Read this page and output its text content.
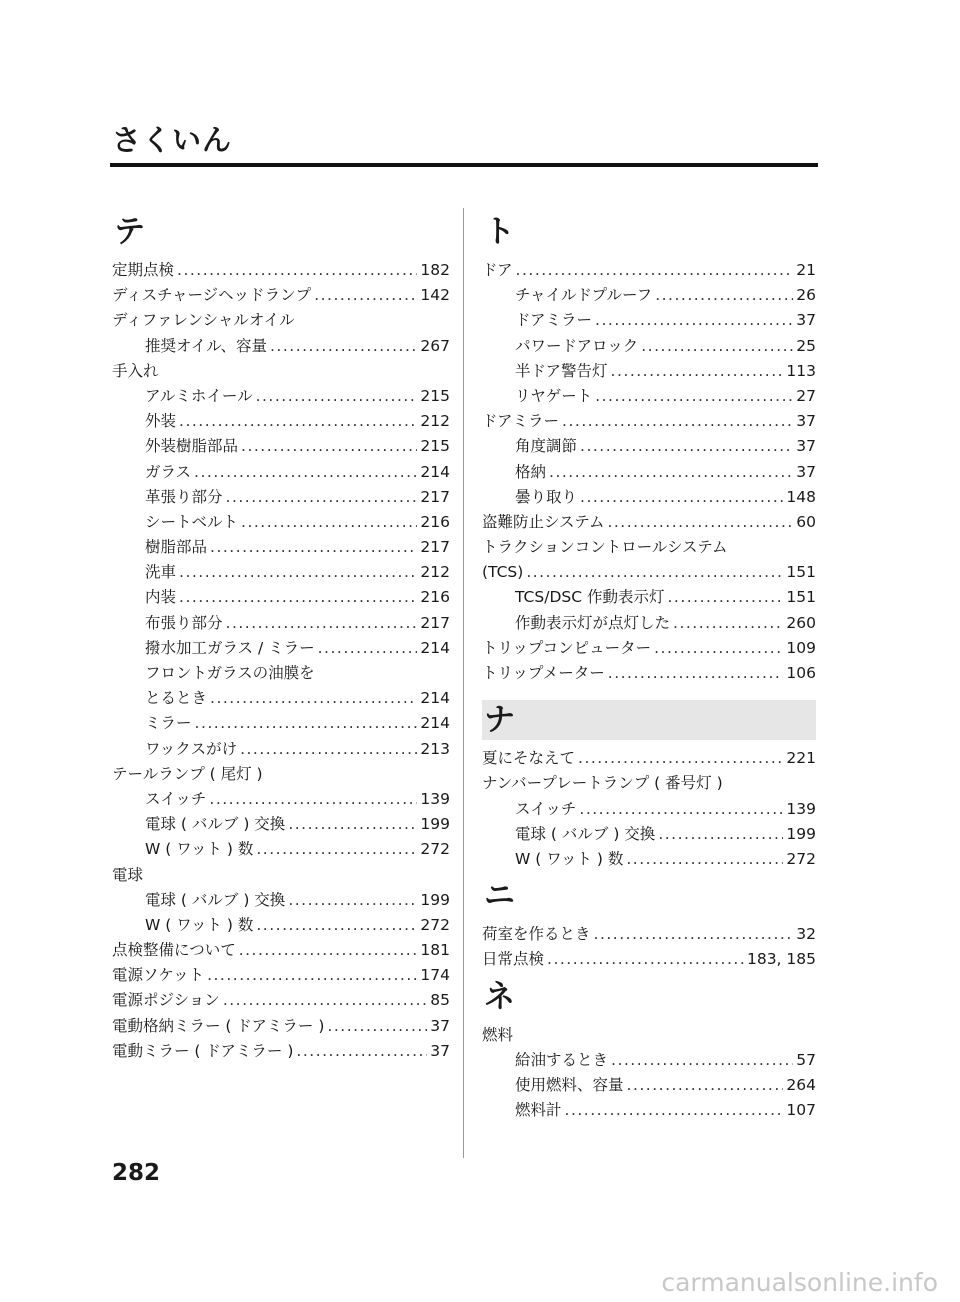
さくいん
テ
定期点検 .....	182
ディスチャージヘッドランプ .....	142
ディファレンシャルオイル
推奨オイル、容量 .....	267
手入れ
アルミホイール .....	215
外装 .....	212
外装樹脂部品 .....	215
ガラス .....	214
革張り部分 .....	217
シートベルト .....	216
樹脂部品 .....	217
洗車 .....	212
内装 .....	216
布張り部分 .....	217
撥水加工ガラス / ミラー .....	214
フロントガラスの油膜を
とるとき .....	214
ミラー .....	214
ワックスがけ .....	213
テールランプ ( 尾灯 )
スイッチ .....	139
電球 ( バルブ ) 交換 .....	199
W ( ワット ) 数 .....	272
電球
電球 ( バルブ ) 交換 .....	199
W ( ワット ) 数 .....	272
点検整備について .....	181
電源ソケット .....	174
電源ポジション .....	85
電動格納ミラー ( ドアミラー ) .....	37
電動ミラー ( ドアミラー ) .....	37
ト
ドア .....	21
チャイルドプルーフ .....	26
ドアミラー .....	37
パワードアロック .....	25
半ドア警告灯 .....	113
リヤゲート .....	27
ドアミラー .....	37
角度調節 .....	37
格納 .....	37
曇り取り .....	148
盗難防止システム .....	60
トラクションコントロールシステム
(TCS) .....	151
TCS/DSC 作動表示灯 .....	151
作動表示灯が点灯した .....	260
トリップコンピューター .....	109
トリップメーター .....	106
ナ
夏にそなえて .....	221
ナンバープレートランプ ( 番号灯 )
スイッチ .....	139
電球 ( バルブ ) 交換 .....	199
W ( ワット ) 数 .....	272
ニ
荷室を作るとき .....	32
日常点検 .....	183, 185
ネ
燃料
給油するとき .....	57
使用燃料、容量 .....	264
燃料計 .....	107
282
carmanualsonline.info
